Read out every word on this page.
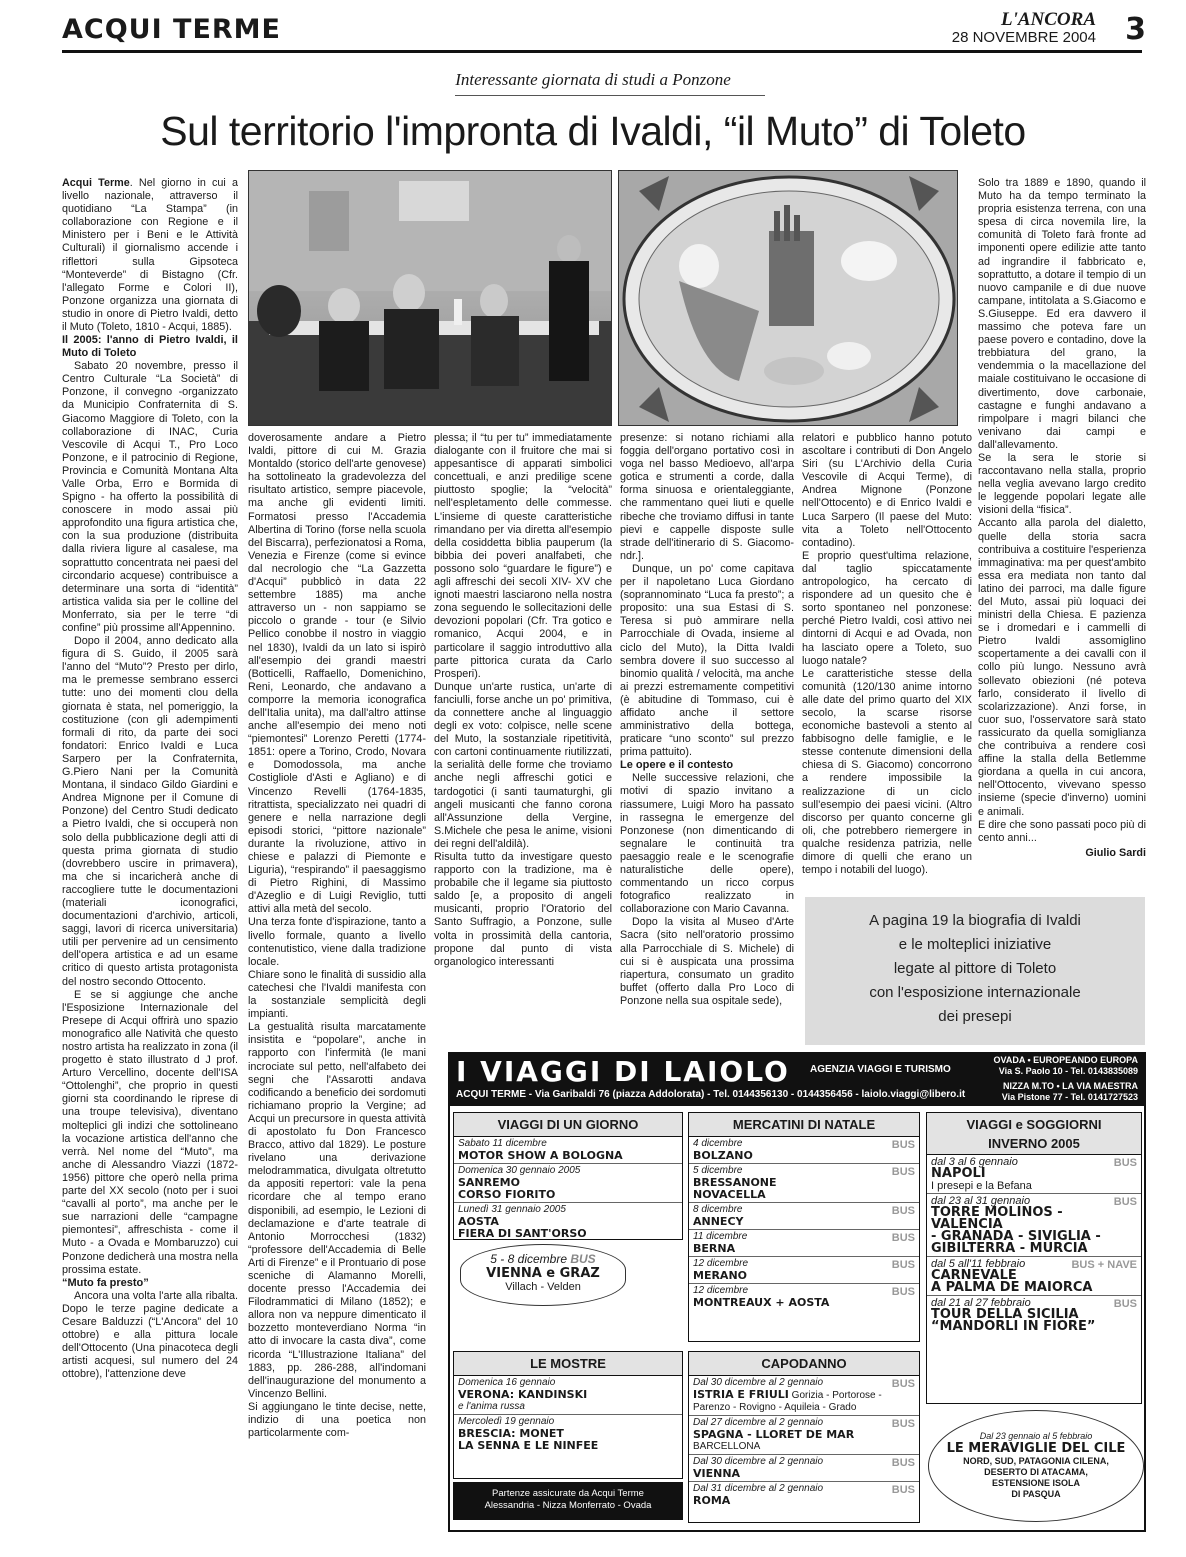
ACQUI TERME	L'ANCORA
28 NOVEMBRE 2004 3
Interessante giornata di studi a Ponzone
Sul territorio l'impronta di Ivaldi, “il Muto” di Toleto

Acqui Terme. Nel giorno in cui a livello nazionale, attraverso il quotidiano “La Stampa” (in collaborazione con Regione e il Ministero per i Beni e le Attività Culturali) il giornalismo accende i riflettori sulla Gipsoteca “Monteverde” di Bistagno (Cfr. l'allegato Forme e Colori II), Ponzone organizza una giornata di studio in onore di Pietro Ivaldi, detto il Muto (Toleto, 1810 - Acqui, 1885).

Il 2005: l'anno di Pietro Ivaldi, il Muto di Toleto

Sabato 20 novembre, presso il Centro Culturale “La Società” di Ponzone, il convegno -organizzato da Municipio Confraternita di S. Giacomo Maggiore di Toleto, con la collaborazione di INAC, Curia Vescovile di Acqui T., Pro Loco Ponzone, e il patrocinio di Regione, Provincia e Comunità Montana Alta Valle Orba, Erro e Bormida di Spigno - ha offerto la possibilità di conoscere in modo assai più approfondito una figura artistica che, con la sua produzione (distribuita dalla riviera ligure al casalese, ma soprattutto concentrata nei paesi del circondario acquese) contribuisce a determinare una sorta di “identità” artistica valida sia per le colline del Monferrato, sia per le terre “di confine” più prossime all'Appennino.

Dopo il 2004, anno dedicato alla figura di S. Guido, il 2005 sarà l'anno del “Muto”? Presto per dirlo, ma le premesse sembrano esserci tutte: uno dei momenti clou della giornata è stata, nel pomeriggio, la costituzione (con gli adempimenti formali di rito, da parte dei soci fondatori: Enrico Ivaldi e Luca Sarpero per la Confraternita, G.Piero Nani per la Comunità Montana, il sindaco Gildo Giardini e Andrea Mignone per il Comune di Ponzone) del Centro Studi dedicato a Pietro Ivaldi, che si occuperà non solo della pubblicazione degli atti di questa prima giornata di studio (dovrebbero uscire in primavera), ma che si incaricherà anche di raccogliere tutte le documentazioni (materiali iconografici, documentazioni d'archivio, articoli, saggi, lavori di ricerca universitaria) utili per pervenire ad un censimento dell'opera artistica e ad un esame critico di questo artista protagonista del nostro secondo Ottocento.

E se si aggiunge che anche l'Esposizione Internazionale del Presepe di Acqui offrirà uno spazio monografico alle Natività che questo nostro artista ha realizzato in zona (il progetto è stato illustrato d J prof. Arturo Vercellino, docente dell'ISA “Ottolenghi”, che proprio in questi giorni sta coordinando le riprese di una troupe televisiva), diventano molteplici gli indizi che sottolineano la vocazione artistica dell'anno che verrà. Nel nome del “Muto”, ma anche di Alessandro Viazzi (1872-1956) pittore che operò nella prima parte del XX secolo (noto per i suoi “cavalli al porto”, ma anche per le sue narrazioni delle “campagne piemontesi”, affreschista - come il Muto - a Ovada e Mombaruzzo) cui Ponzone dedicherà una mostra nella prossima estate.

“Muto fa presto”

Ancora una volta l'arte alla ribalta. Dopo le terze pagine dedicate a Cesare Balduzzi (“L'Ancora” del 10 ottobre) e alla pittura locale dell'Ottocento (Una pinacoteca degli artisti acquesi, sul numero del 24 ottobre), l'attenzione deve

doverosamente andare a Pietro Ivaldi, pittore di cui M. Grazia Montaldo (storico dell'arte genovese) ha sottolineato la gradevolezza del risultato artistico, sempre piacevole, ma anche gli evidenti limiti. Formatosi presso l'Accademia Albertina di Torino (forse nella scuola del Biscarra), perfezionatosi a Roma, Venezia e Firenze (come si evince dal necrologio che “La Gazzetta d'Acqui” pubblicò in data 22 settembre 1885) ma anche attraverso un - non sappiamo se piccolo o grande - tour (e Silvio Pellico conobbe il nostro in viaggio nel 1830), Ivaldi da un lato si ispirò all'esempio dei grandi maestri (Botticelli, Raffaello, Domenichino, Reni, Leonardo, che andavano a comporre la memoria iconografica dell'Italia unita), ma dall'altro attinse anche all'esempio dei meno noti “piemontesi” Lorenzo Peretti (1774-1851: opere a Torino, Crodo, Novara e Domodossola, ma anche Costigliole d'Asti e Agliano) e di Vincenzo Revelli (1764-1835, ritrattista, specializzato nei quadri di genere e nella narrazione degli episodi storici, “pittore nazionale” durante la rivoluzione, attivo in chiese e palazzi di Piemonte e Liguria), “respirando” il paesaggismo di Pietro Righini, di Massimo d'Azeglio e di Luigi Reviglio, tutti attivi alla metà del secolo.
Una terza fonte d'ispirazione, tanto a livello formale, quanto a livello contenutistico, viene dalla tradizione locale.
Chiare sono le finalità di sussidio alla catechesi che l'Ivaldi manifesta con la sostanziale semplicità degli impianti.
La gestualità risulta marcatamente insistita e “popolare”, anche in rapporto con l'infermità (le mani incrociate sul petto, nell'alfabeto dei segni che l'Assarotti andava codificando a beneficio dei sordomuti richiamano proprio la Vergine; ad Acqui un precursore in questa attività di apostolato fu Don Francesco Bracco, attivo dal 1829). Le posture rivelano una derivazione melodrammatica, divulgata oltretutto da appositi repertori: vale la pena ricordare che al tempo erano disponibili, ad esempio, le Lezioni di declamazione e d'arte teatrale di Antonio Morrocchesi (1832) “professore dell'Accademia di Belle Arti di Firenze” e il Prontuario di pose sceniche di Alamanno Morelli, docente presso l'Accademia dei Filodrammatici di Milano (1852); e allora non va neppure dimenticato il bozzetto monteverdiano Norma “in atto di invocare la casta diva”, come ricorda “L'Illustrazione Italiana” del 1883, pp. 286-288, all'indomani dell'inaugurazione del monumento a Vincenzo Bellini.
Si aggiungano le tinte decise, nette, indizio di una poetica non particolarmente com-
plessa; il “tu per tu” immediatamente dialogante con il fruitore che mai si appesantisce di apparati simbolici concettuali, e anzi predilige scene piuttosto spoglie; la “velocità” nell'espletamento delle commesse. L'insieme di queste caratteristiche rimandano per via diretta all'esempio della cosiddetta biblia pauperum (la bibbia dei poveri analfabeti, che possono solo “guardare le figure”) e agli affreschi dei secoli XIV- XV che ignoti maestri lasciarono nella nostra zona seguendo le sollecitazioni delle devozioni popolari (Cfr. Tra gotico e romanico, Acqui 2004, e in particolare il saggio introduttivo alla parte pittorica curata da Carlo Prosperi).
Dunque un'arte rustica, un'arte di fanciulli, forse anche un po' primitiva, da connettere anche al linguaggio degli ex voto: colpisce, nelle scene del Muto, la sostanziale ripetitività, con cartoni continuamente riutilizzati, la serialità delle forme che troviamo anche negli affreschi gotici e tardogotici (i santi taumaturghi, gli angeli musicanti che fanno corona all'Assunzione della Vergine, S.Michele che pesa le anime, visioni dei regni dell'aldilà).
Risulta tutto da investigare questo rapporto con la tradizione, ma è probabile che il legame sia piuttosto saldo [e, a proposito di angeli musicanti, proprio l'Oratorio del Santo Suffragio, a Ponzone, sulle volta in prossimità della cantoria, propone dal punto di vista organologico interessanti

presenze: si notano richiami alla foggia dell'organo portativo così in voga nel basso Medioevo, all'arpa gotica e strumenti a corde, dalla forma sinuosa e orientaleggiante, che rammentano quei liuti e quelle ribeche che troviamo diffusi in tante pievi e cappelle disposte sulle strade dell'itinerario di S. Giacomo- ndr.].

Dunque, un po' come capitava per il napoletano Luca Giordano (soprannominato “Luca fa presto”; a proposito: una sua Estasi di S. Teresa si può ammirare nella Parrocchiale di Ovada, insieme al ciclo del Muto), la Ditta Ivaldi sembra dovere il suo successo al binomio qualità / velocità, ma anche ai prezzi estremamente competitivi (è abitudine di Tommaso, cui è affidato anche il settore amministrativo della bottega, praticare “uno sconto” sul prezzo prima pattuito).

Le opere e il contesto

Nelle successive relazioni, che motivi di spazio invitano a riassumere, Luigi Moro ha passato in rassegna le emergenze del Ponzonese (non dimenticando di segnalare le continuità tra paesaggio reale e le scenografie naturalistiche delle opere), commentando un ricco corpus fotografico realizzato in collaborazione con Mario Cavanna.

Dopo la visita al Museo d'Arte Sacra (sito nell'oratorio prossimo alla Parrocchiale di S. Michele) di cui si è auspicata una prossima riapertura, consumato un gradito buffet (offerto dalla Pro Loco di Ponzone nella sua ospitale sede),

relatori e pubblico hanno potuto ascoltare i contributi di Don Angelo Siri (su L'Archivio della Curia Vescovile di Acqui Terme), di Andrea Mignone (Ponzone nell'Ottocento) e di Enrico Ivaldi e Luca Sarpero (Il paese del Muto: vita a Toleto nell'Ottocento contadino).
E proprio quest'ultima relazione, dal taglio spiccatamente antropologico, ha cercato di rispondere ad un quesito che è sorto spontaneo nel ponzonese: perché Pietro Ivaldi, così attivo nei dintorni di Acqui e ad Ovada, non ha lasciato opere a Toleto, suo luogo natale?
Le caratteristiche stesse della comunità (120/130 anime intorno alle date del primo quarto del XIX secolo, la scarse risorse economiche bastevoli a stento al fabbisogno delle famiglie, e le stesse contenute dimensioni della chiesa di S. Giacomo) concorrono a rendere impossibile la realizzazione di un ciclo sull'esempio dei paesi vicini. (Altro discorso per quanto concerne gli oli, che potrebbero riemergere in qualche residenza patrizia, nelle dimore di quelli che erano un tempo i notabili del luogo).
Solo tra 1889 e 1890, quando il Muto ha da tempo terminato la propria esistenza terrena, con una spesa di circa novemila lire, la comunità di Toleto farà fronte ad imponenti opere edilizie atte tanto ad ingrandire il fabbricato e, soprattutto, a dotare il tempio di un nuovo campanile e di due nuove campane, intitolata a S.Giacomo e S.Giuseppe. Ed era davvero il massimo che poteva fare un paese povero e contadino, dove la trebbiatura del grano, la vendemmia o la macellazione del maiale costituivano le occasione di divertimento, dove carbonaie, castagne e funghi andavano a rimpolpare i magri bilanci che venivano dai campi e dall'allevamento.
Se la sera le storie si raccontavano nella stalla, proprio nella veglia avevano largo credito le leggende popolari legate alle visioni della “fisica”.
Accanto alla parola del dialetto, quelle della storia sacra contribuiva a costituire l'esperienza immaginativa: ma per quest'ambito essa era mediata non tanto dal latino dei parroci, ma dalle figure del Muto, assai più loquaci dei ministri della Chiesa. E pazienza se i dromedari e i cammelli di Pietro Ivaldi assomiglino scopertamente a dei cavalli con il collo più lungo. Nessuno avrà sollevato obiezioni (né poteva farlo, considerato il livello di scolarizzazione). Anzi forse, in cuor suo, l'osservatore sarà stato rassicurato da quella somiglianza che contribuiva a rendere così affine la stalla della Betlemme giordana a quella in cui ancora, nell'Ottocento, vivevano spesso insieme (specie d'inverno) uomini e animali.
E dire che sono passati poco più di cento anni...
Giulio Sardi
A pagina 19 la biografia di Ivaldi
e le molteplici iniziative
legate al pittore di Toleto
con l'esposizione internazionale
dei presepi
I VIAGGI DI LAIOLO AGENZIA VIAGGI E TURISMO
ACQUI TERME - Via Garibaldi 76 (piazza Addolorata) - Tel. 0144356130 - 0144356456 - laiolo.viaggi@libero.it
OVADA • EUROPEANDO EUROPA
Via S. Paolo 10 - Tel. 0143835089
NIZZA M.TO • LA VIA MAESTRA
Via Pistone 77 - Tel. 0141727523
VIAGGI DI UN GIORNO
Sabato 11 dicembre
MOTOR SHOW A BOLOGNA
Domenica 30 gennaio 2005
SANREMO
CORSO FIORITO
Lunedì 31 gennaio 2005
AOSTA
FIERA DI SANT'ORSO
5 - 8 dicembre BUS
VIENNA e GRAZ
Villach - Velden
LE MOSTRE
Domenica 16 gennaio
VERONA: KANDINSKI
e l'anima russa
Mercoledì 19 gennaio
BRESCIA: MONET
LA SENNA E LE NINFEE
Partenze assicurate da Acqui Terme
Alessandria - Nizza Monferrato - Ovada
MERCATINI DI NATALE
BUS
4 dicembre
BOLZANO
BUS
5 dicembre
BRESSANONE
NOVACELLA
BUS
8 dicembre
ANNECY
BUS
11 dicembre
BERNA
BUS
12 dicembre
MERANO
BUS
12 dicembre
MONTREAUX + AOSTA
CAPODANNO
BUS
Dal 30 dicembre al 2 gennaio
ISTRIA E FRIULI Gorizia - Portorose - Parenzo - Rovigno - Aquileia - Grado
BUS
Dal 27 dicembre al 2 gennaio
SPAGNA - LLORET DE MAR
BARCELLONA
BUS
Dal 30 dicembre al 2 gennaio
VIENNA
BUS
Dal 31 dicembre al 2 gennaio
ROMA
VIAGGI e SOGGIORNI
INVERNO 2005
BUS
dal 3 al 6 gennaio
NAPOLI
I presepi e la Befana
BUS
dal 23 al 31 gennaio
TORRE MOLINOS - VALENCIA
- GRANADA - SIVIGLIA -
GIBILTERRA - MURCIA
BUS + NAVE
dal 5 all'11 febbraio
CARNEVALE
A PALMA DE MAIORCA
BUS
dal 21 al 27 febbraio
TOUR DELLA SICILIA
“MANDORLI IN FIORE”
Dal 23 gennaio al 5 febbraio
LE MERAVIGLIE DEL CILE
NORD, SUD, PATAGONIA CILENA,
DESERTO DI ATACAMA,
ESTENSIONE ISOLA
DI PASQUA
